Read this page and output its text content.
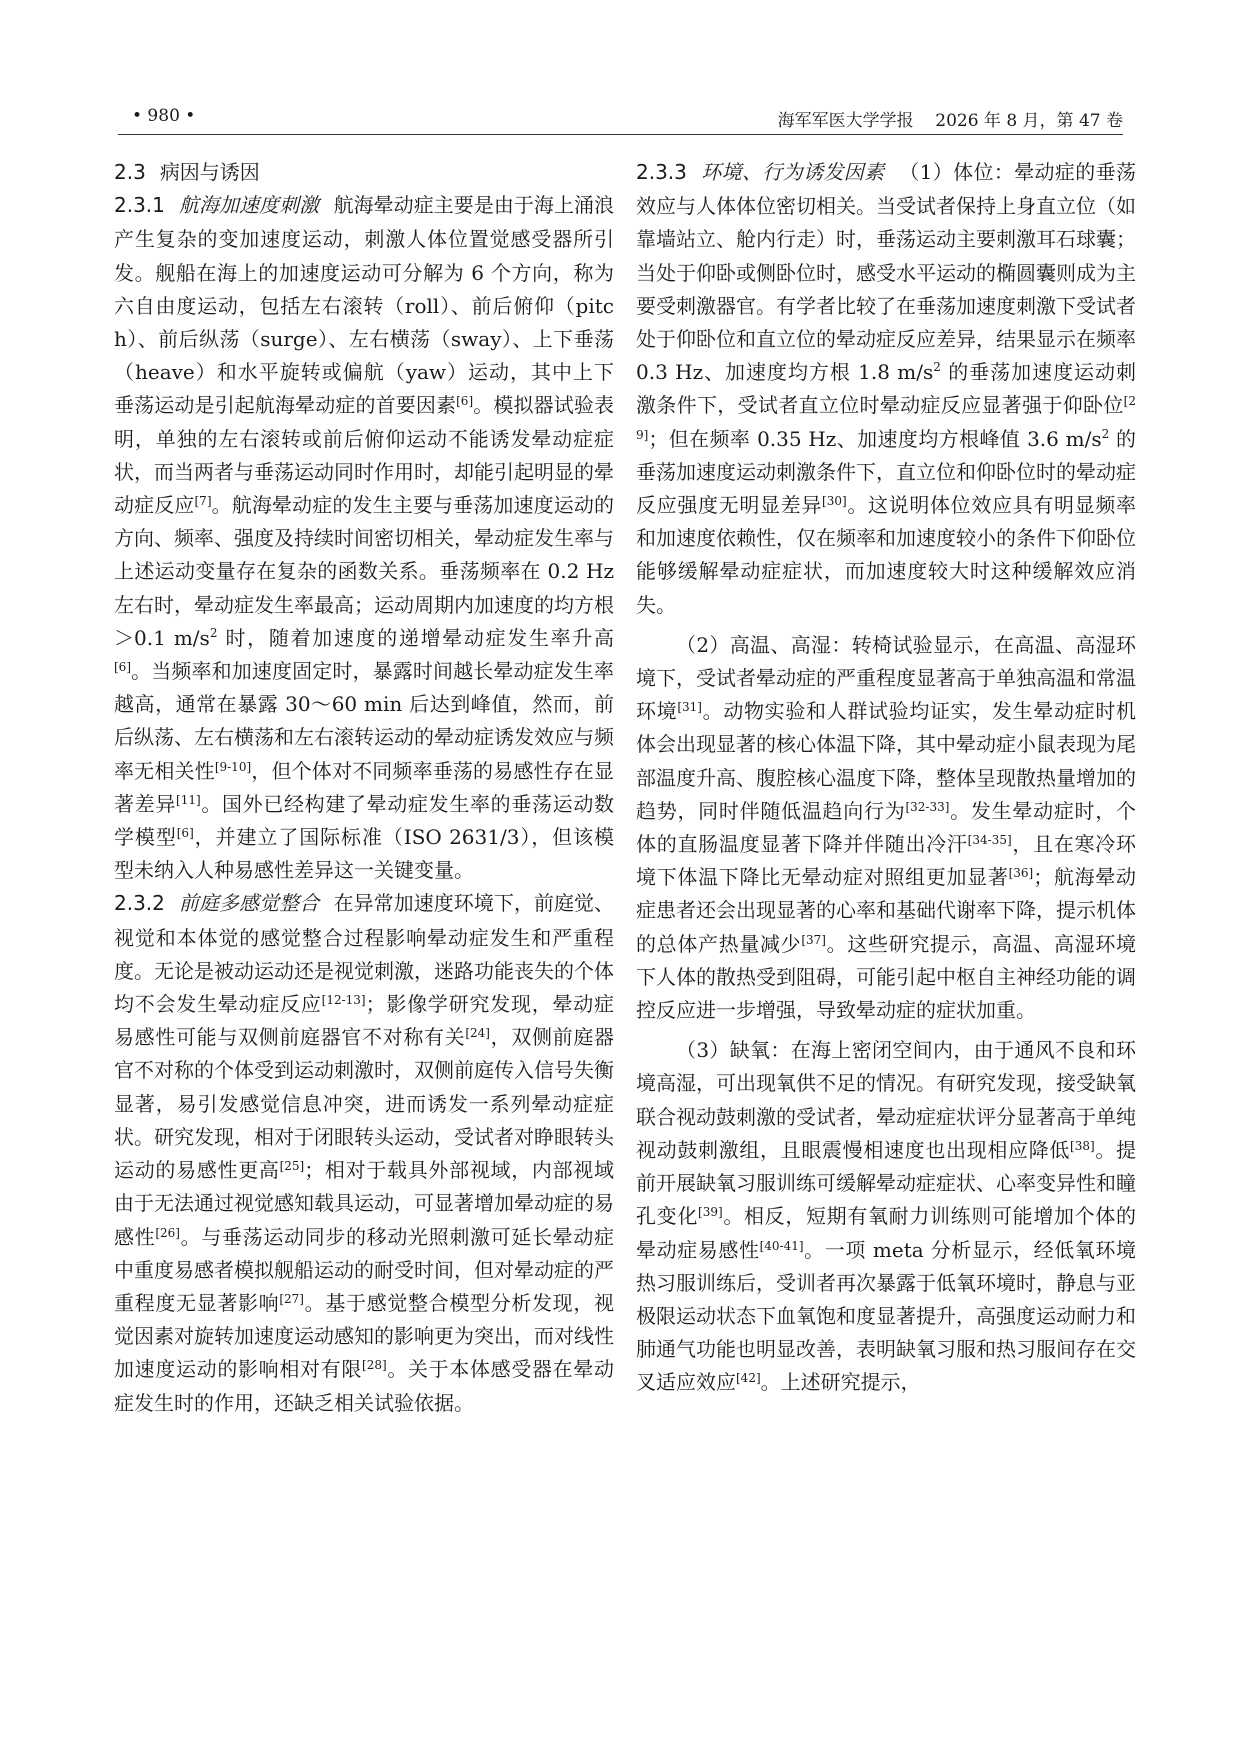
• 980 •	海军军医大学学报 2026 年 8 月，第 47 卷

2.3 病因与诱因

2.3.1 航海加速度刺激 航海晕动症主要是由于海上涌浪产生复杂的变加速度运动，刺激人体位置觉感受器所引发。舰船在海上的加速度运动可分解为 6 个方向，称为六自由度运动，包括左右滚转（roll）、前后俯仰（pitch）、前后纵荡（surge）、左右横荡（sway）、上下垂荡（heave）和水平旋转或偏航（yaw）运动，其中上下垂荡运动是引起航海晕动症的首要因素[6]。模拟器试验表明，单独的左右滚转或前后俯仰运动不能诱发晕动症症状，而当两者与垂荡运动同时作用时，却能引起明显的晕动症反应[7]。航海晕动症的发生主要与垂荡加速度运动的方向、频率、强度及持续时间密切相关，晕动症发生率与上述运动变量存在复杂的函数关系。垂荡频率在 0.2 Hz 左右时，晕动症发生率最高；运动周期内加速度的均方根＞0.1 $m/s^2$ 时，随着加速度的递增晕动症发生率升高[6]。当频率和加速度固定时，暴露时间越长晕动症发生率越高，通常在暴露 30～60 min 后达到峰值，然而，前后纵荡、左右横荡和左右滚转运动的晕动症诱发效应与频率无相关性[9-10]，但个体对不同频率垂荡的易感性存在显著差异[11]。国外已经构建了晕动症发生率的垂荡运动数学模型[6]，并建立了国际标准（ISO 2631/3），但该模型未纳入人种易感性差异这一关键变量。

2.3.2 前庭多感觉整合 在异常加速度环境下，前庭觉、视觉和本体觉的感觉整合过程影响晕动症发生和严重程度。无论是被动运动还是视觉刺激，迷路功能丧失的个体均不会发生晕动症反应[12-13]；影像学研究发现，晕动症易感性可能与双侧前庭器官不对称有关[24]，双侧前庭器官不对称的个体受到运动刺激时，双侧前庭传入信号失衡显著，易引发感觉信息冲突，进而诱发一系列晕动症症状。研究发现，相对于闭眼转头运动，受试者对睁眼转头运动的易感性更高[25]；相对于载具外部视域，内部视域由于无法通过视觉感知载具运动，可显著增加晕动症的易感性[26]。与垂荡运动同步的移动光照刺激可延长晕动症中重度易感者模拟舰船运动的耐受时间，但对晕动症的严重程度无显著影响[27]。基于感觉整合模型分析发现，视觉因素对旋转加速度运动感知的影响更为突出，而对线性加速度运动的影响相对有限[28]。关于本体感受器在晕动症发生时的作用，还缺乏相关试验依据。

2.3.3 环境、行为诱发因素 （1）体位：晕动症的垂荡效应与人体体位密切相关。当受试者保持上身直立位（如靠墙站立、舱内行走）时，垂荡运动主要刺激耳石球囊；当处于仰卧或侧卧位时，感受水平运动的椭圆囊则成为主要受刺激器官。有学者比较了在垂荡加速度刺激下受试者处于仰卧位和直立位的晕动症反应差异，结果显示在频率 0.3 Hz、加速度均方根 1.8 $m/s^2$ 的垂荡加速度运动刺激条件下，受试者直立位时晕动症反应显著强于仰卧位[29]；但在频率 0.35 Hz、加速度均方根峰值 3.6 $m/s^2$ 的垂荡加速度运动刺激条件下，直立位和仰卧位时的晕动症反应强度无明显差异[30]。这说明体位效应具有明显频率和加速度依赖性，仅在频率和加速度较小的条件下仰卧位能够缓解晕动症症状，而加速度较大时这种缓解效应消失。

（2）高温、高湿：转椅试验显示，在高温、高湿环境下，受试者晕动症的严重程度显著高于单独高温和常温环境[31]。动物实验和人群试验均证实，发生晕动症时机体会出现显著的核心体温下降，其中晕动症小鼠表现为尾部温度升高、腹腔核心温度下降，整体呈现散热量增加的趋势，同时伴随低温趋向行为[32-33]。发生晕动症时，个体的直肠温度显著下降并伴随出冷汗[34-35]，且在寒冷环境下体温下降比无晕动症对照组更加显著[36]；航海晕动症患者还会出现显著的心率和基础代谢率下降，提示机体的总体产热量减少[37]。这些研究提示，高温、高湿环境下人体的散热受到阻碍，可能引起中枢自主神经功能的调控反应进一步增强，导致晕动症的症状加重。

（3）缺氧：在海上密闭空间内，由于通风不良和环境高湿，可出现氧供不足的情况。有研究发现，接受缺氧联合视动鼓刺激的受试者，晕动症症状评分显著高于单纯视动鼓刺激组，且眼震慢相速度也出现相应降低[38]。提前开展缺氧习服训练可缓解晕动症症状、心率变异性和瞳孔变化[39]。相反，短期有氧耐力训练则可能增加个体的晕动症易感性[40-41]。一项 meta 分析显示，经低氧环境热习服训练后，受训者再次暴露于低氧环境时，静息与亚极限运动状态下血氧饱和度显著提升，高强度运动耐力和肺通气功能也明显改善，表明缺氧习服和热习服间存在交叉适应效应[42]。上述研究提示，
